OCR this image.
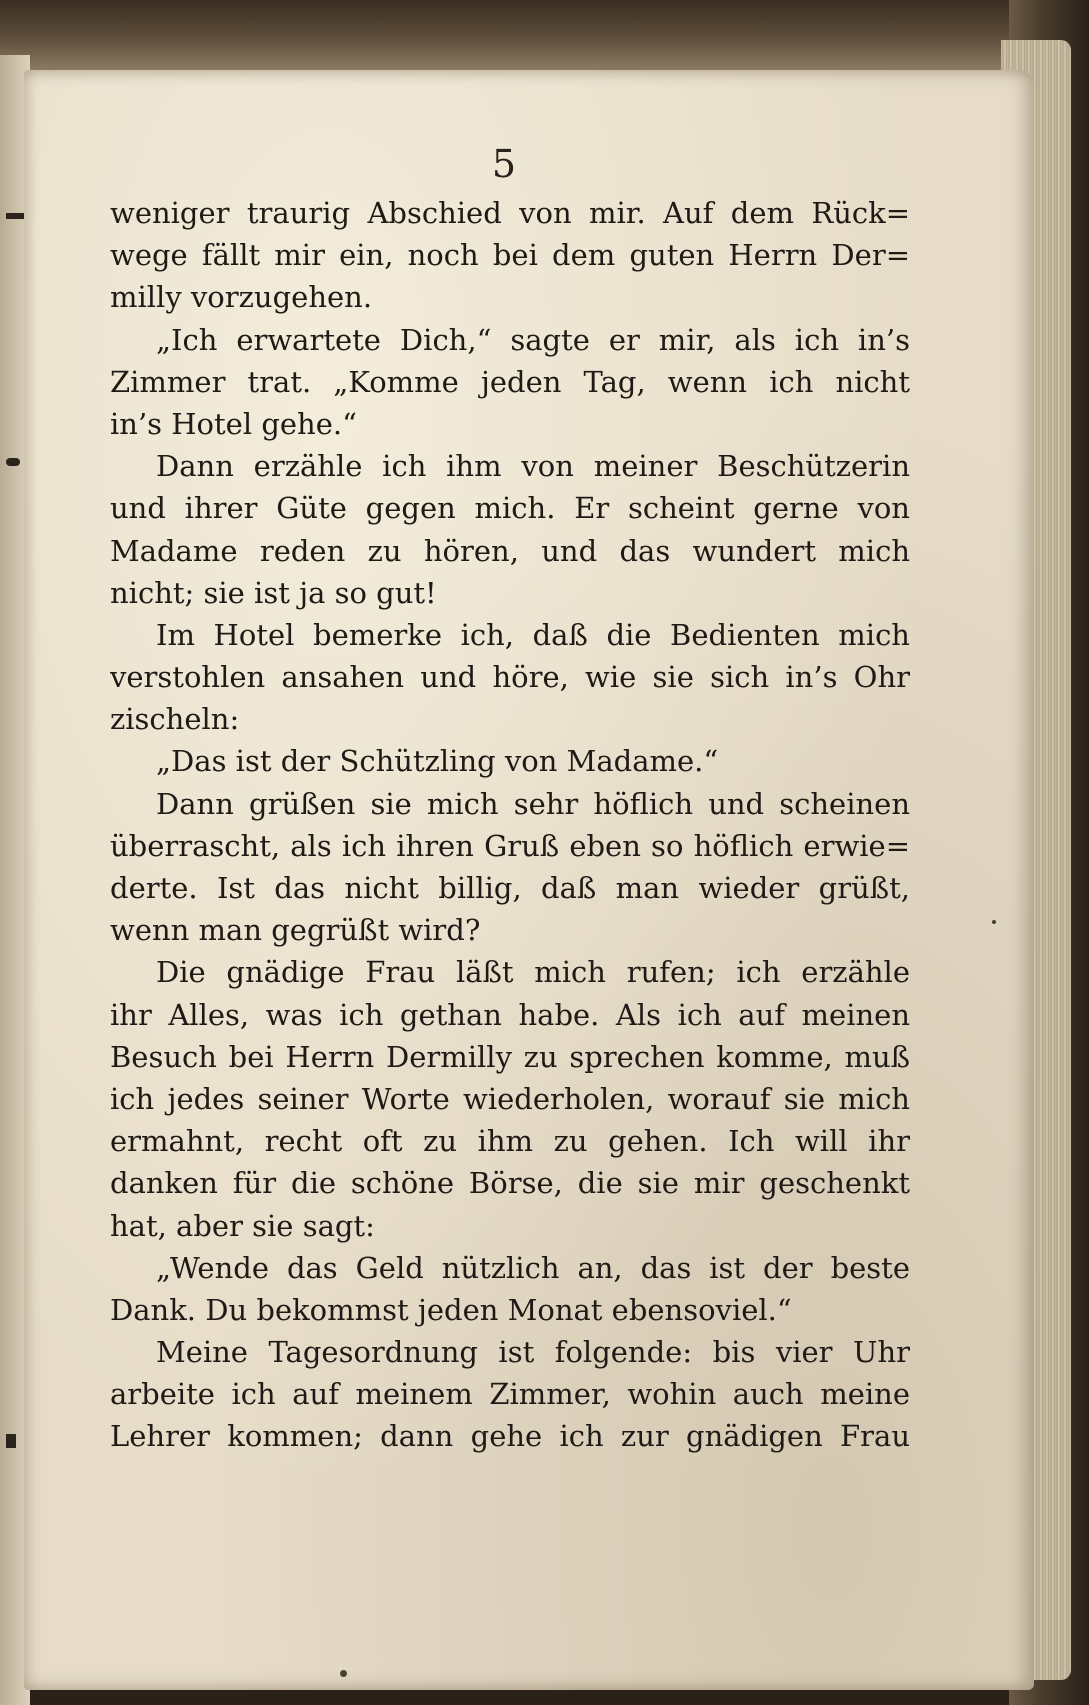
5
weniger traurig Abschied von mir. Auf dem Rück=
wege fällt mir ein, noch bei dem guten Herrn Der=
milly vorzugehen.
„Ich erwartete Dich,“ sagte er mir, als ich in’s
Zimmer trat. „Komme jeden Tag, wenn ich nicht
in’s Hotel gehe.“
Dann erzähle ich ihm von meiner Beschützerin
und ihrer Güte gegen mich. Er scheint gerne von
Madame reden zu hören, und das wundert mich
nicht; sie ist ja so gut!
Im Hotel bemerke ich, daß die Bedienten mich
verstohlen ansahen und höre, wie sie sich in’s Ohr
zischeln:
„Das ist der Schützling von Madame.“
Dann grüßen sie mich sehr höflich und scheinen
überrascht, als ich ihren Gruß eben so höflich erwie=
derte. Ist das nicht billig, daß man wieder grüßt,
wenn man gegrüßt wird?
Die gnädige Frau läßt mich rufen; ich erzähle
ihr Alles, was ich gethan habe. Als ich auf meinen
Besuch bei Herrn Dermilly zu sprechen komme, muß
ich jedes seiner Worte wiederholen, worauf sie mich
ermahnt, recht oft zu ihm zu gehen. Ich will ihr
danken für die schöne Börse, die sie mir geschenkt
hat, aber sie sagt:
„Wende das Geld nützlich an, das ist der beste
Dank. Du bekommst jeden Monat ebensoviel.“
Meine Tagesordnung ist folgende: bis vier Uhr
arbeite ich auf meinem Zimmer, wohin auch meine
Lehrer kommen; dann gehe ich zur gnädigen Frau
